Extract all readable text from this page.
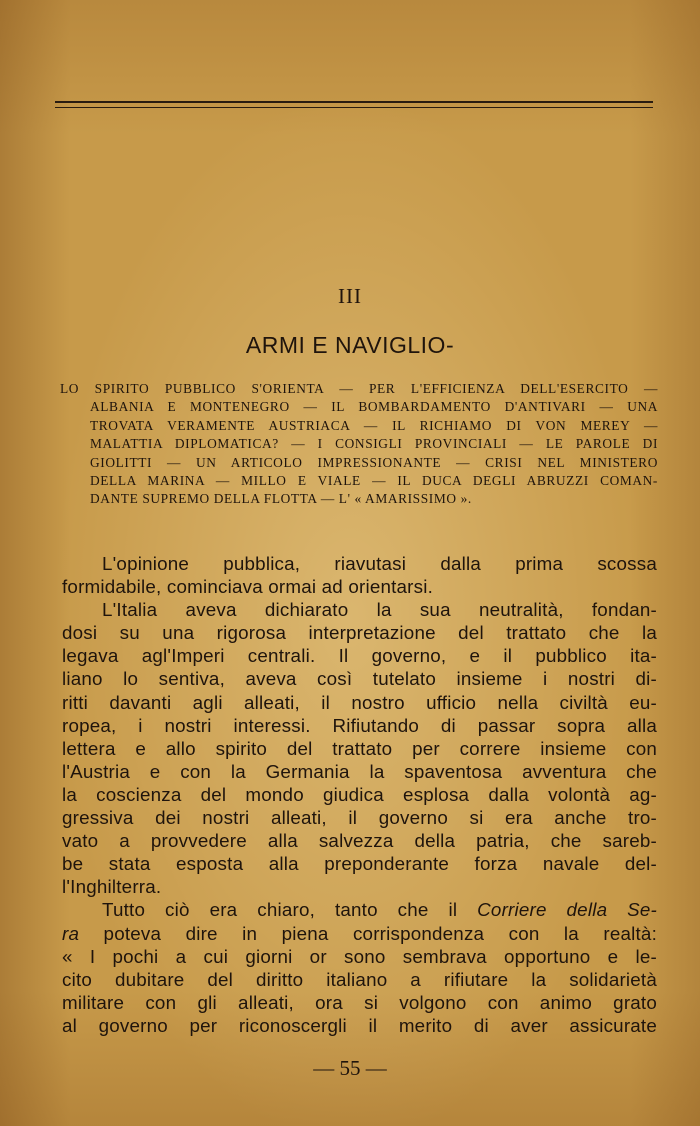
III
ARMI E NAVIGLIO-
LO SPIRITO PUBBLICO S'ORIENTA — PER L'EFFICIENZA DELL'ESERCITO —
ALBANIA E MONTENEGRO — IL BOMBARDAMENTO D'ANTIVARI — UNA
TROVATA VERAMENTE AUSTRIACA — IL RICHIAMO DI VON MEREY —
MALATTIA DIPLOMATICA? — I CONSIGLI PROVINCIALI — LE PAROLE DI
GIOLITTI — UN ARTICOLO IMPRESSIONANTE — CRISI NEL MINISTERO
DELLA MARINA — MILLO E VIALE — IL DUCA DEGLI ABRUZZI COMAN-
DANTE SUPREMO DELLA FLOTTA — L' « AMARISSIMO ».
L'opinione pubblica, riavutasi dalla prima scossa
formidabile, cominciava ormai ad orientarsi.
L'Italia aveva dichiarato la sua neutralità, fondan-
dosi su una rigorosa interpretazione del trattato che la
legava agl'Imperi centrali. Il governo, e il pubblico ita-
liano lo sentiva, aveva così tutelato insieme i nostri di-
ritti davanti agli alleati, il nostro ufficio nella civiltà eu-
ropea, i nostri interessi. Rifiutando di passar sopra alla
lettera e allo spirito del trattato per correre insieme con
l'Austria e con la Germania la spaventosa avventura che
la coscienza del mondo giudica esplosa dalla volontà ag-
gressiva dei nostri alleati, il governo si era anche tro-
vato a provvedere alla salvezza della patria, che sareb-
be stata esposta alla preponderante forza navale del-
l'Inghilterra.
Tutto ciò era chiaro, tanto che il Corriere della Se-
ra poteva dire in piena corrispondenza con la realtà:
« I pochi a cui giorni or sono sembrava opportuno e le-
cito dubitare del diritto italiano a rifiutare la solidarietà
militare con gli alleati, ora si volgono con animo grato
al governo per riconoscergli il merito di aver assicurate
— 55 —
